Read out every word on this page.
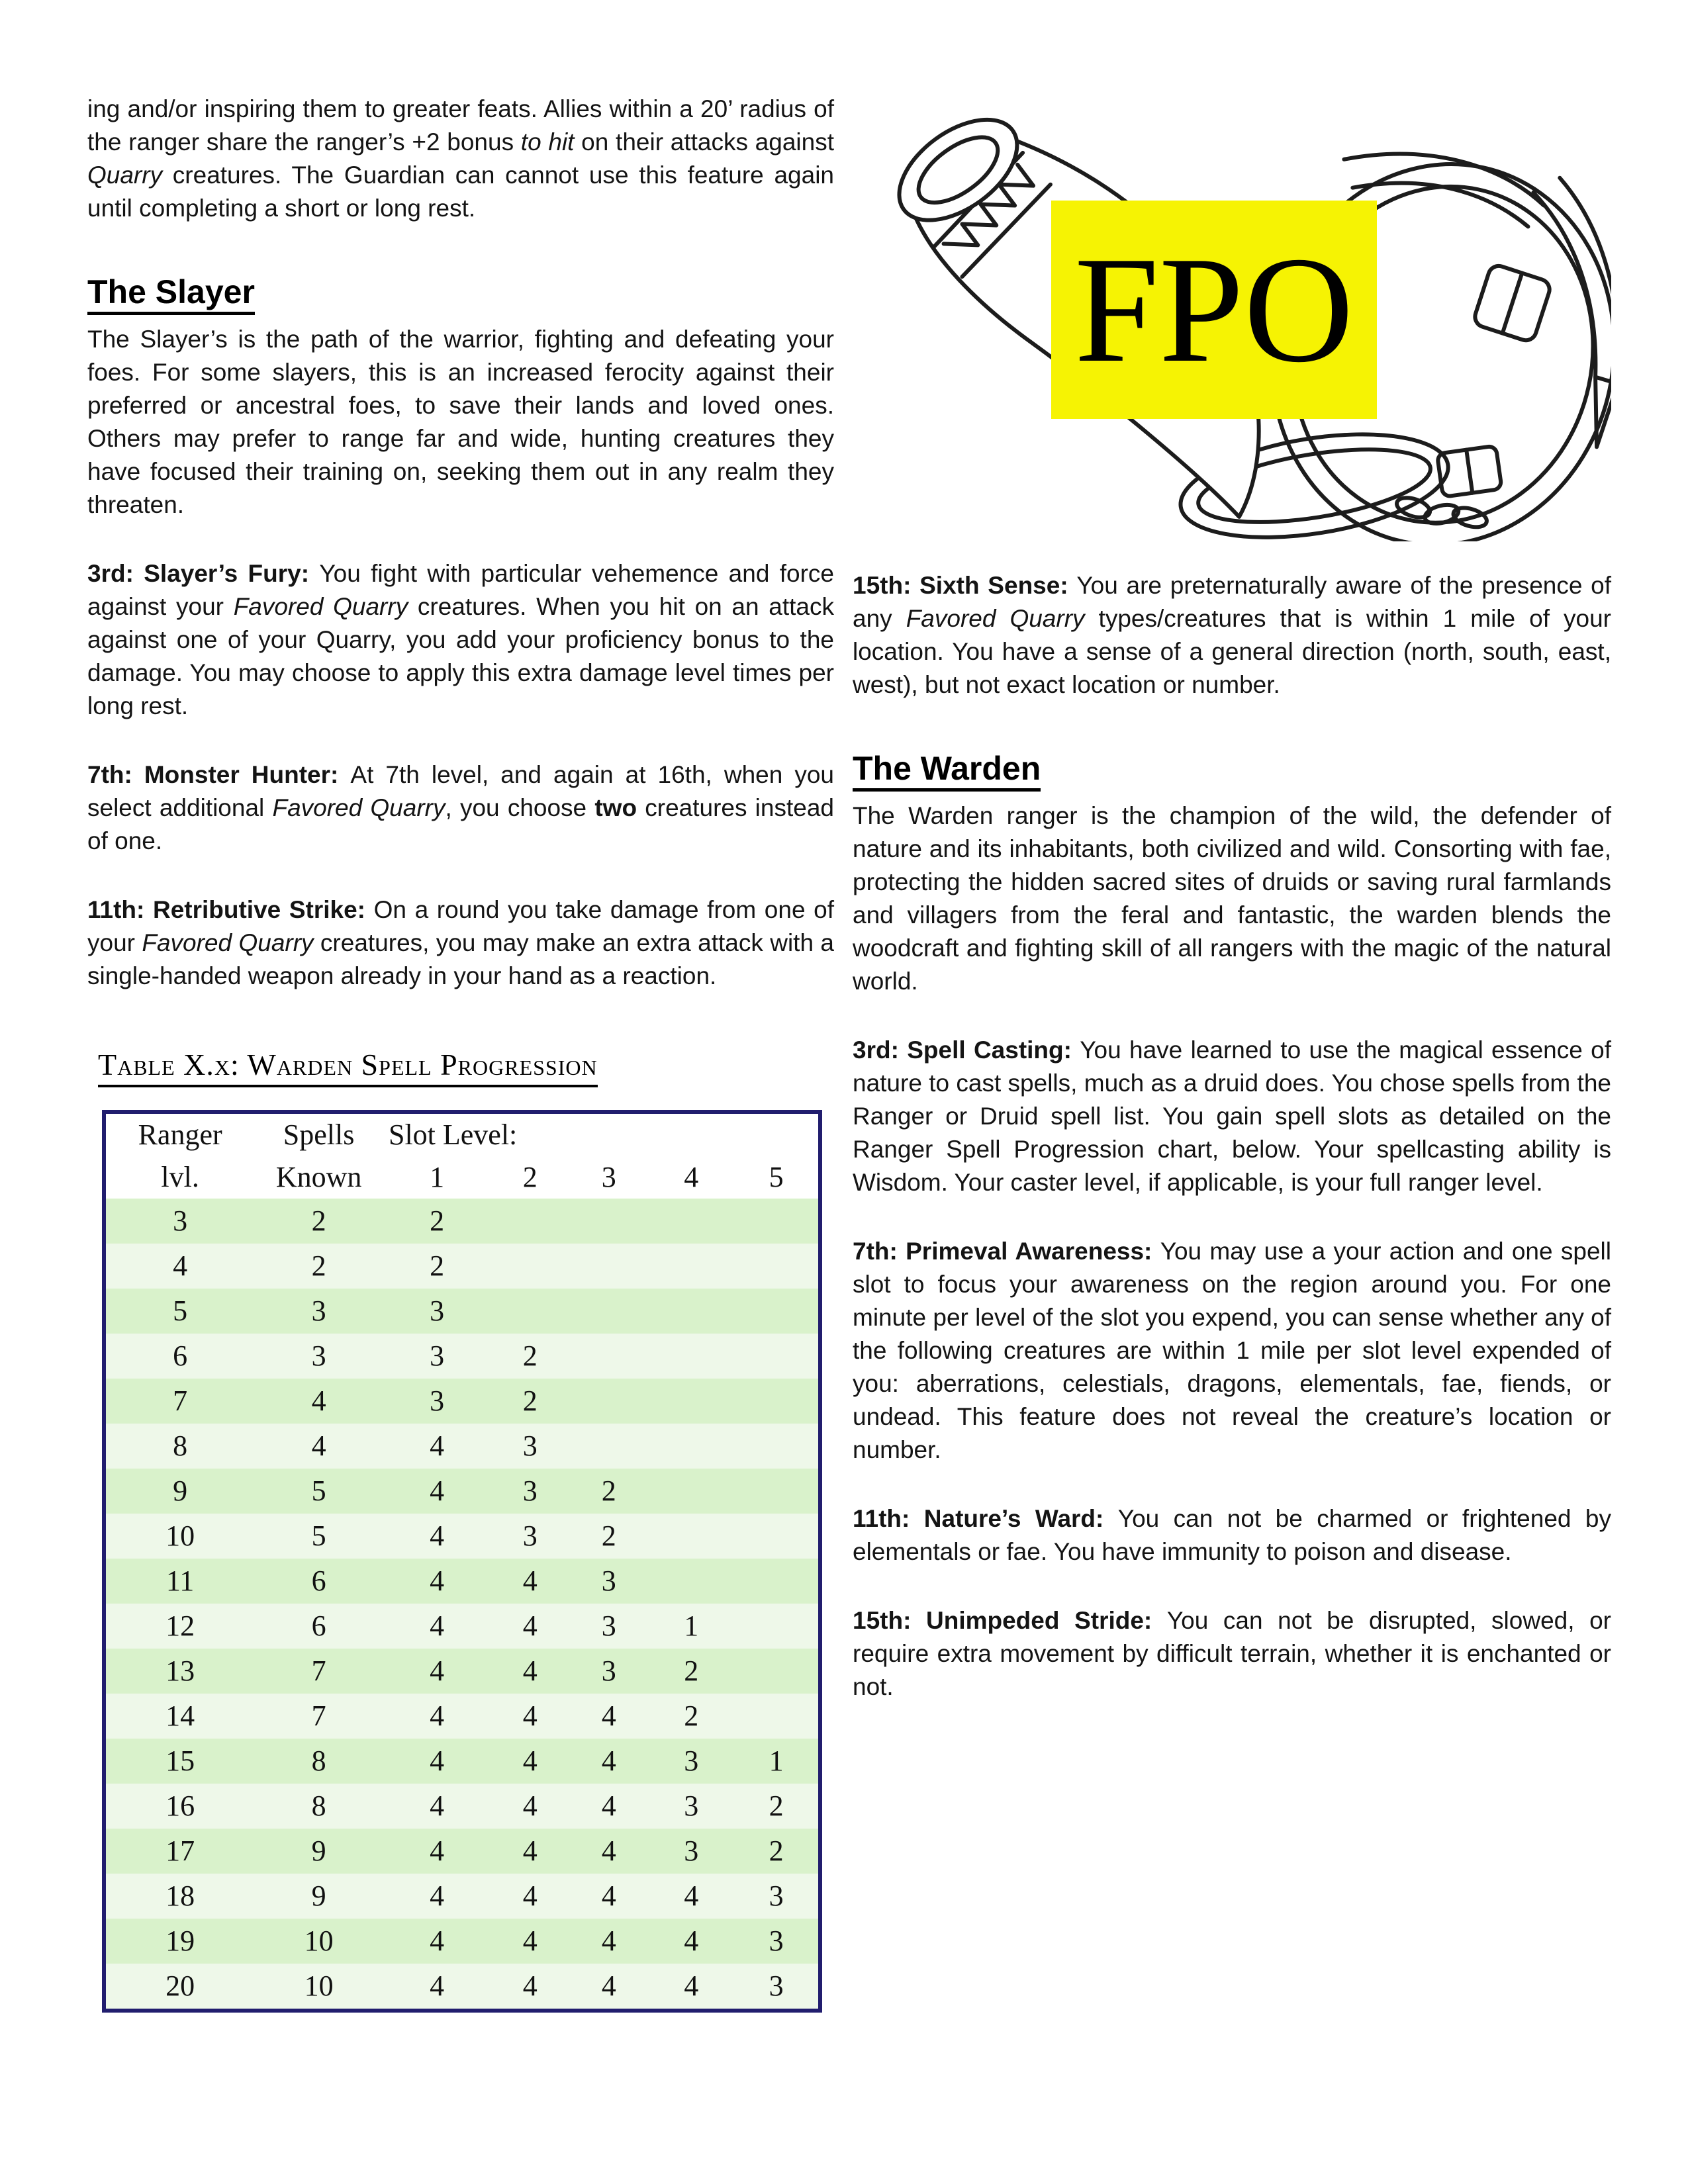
ing and/or inspiring them to greater feats. Allies within a 20’ radius of the ranger share the ranger’s +2 bonus to hit on their attacks against Quarry creatures. The Guardian can cannot use this feature again until completing a short or long rest.

The Slayer

The Slayer’s is the path of the warrior, fighting and defeating your foes. For some slayers, this is an increased ferocity against their preferred or ancestral foes, to save their lands and loved ones. Others may prefer to range far and wide, hunting creatures they have focused their training on, seeking them out in any realm they threaten.

3rd: Slayer’s Fury: You fight with particular vehemence and force against your Favored Quarry creatures. When you hit on an attack against one of your Quarry, you add your proficiency bonus to the damage. You may choose to apply this extra damage level times per long rest.

7th: Monster Hunter: At 7th level, and again at 16th, when you select additional Favored Quarry, you choose two creatures instead of one.

11th: Retributive Strike: On a round you take damage from one of your Favored Quarry creatures, you may make an extra attack with a single-handed weapon already in your hand as a reaction.

Table X.x: Warden Spell Progression
Ranger	Spells	Slot Level:				
lvl.	Known	1	2	3	4	5
3	2	2				
4	2	2				
5	3	3				
6	3	3	2			
7	4	3	2			
8	4	4	3			
9	5	4	3	2		
10	5	4	3	2		
11	6	4	4	3		
12	6	4	4	3	1	
13	7	4	4	3	2	
14	7	4	4	4	2	
15	8	4	4	4	3	1
16	8	4	4	4	3	2
17	9	4	4	4	3	2
18	9	4	4	4	4	3
19	10	4	4	4	4	3
20	10	4	4	4	4	3
FPO

15th: Sixth Sense: You are preternaturally aware of the presence of any Favored Quarry types/creatures that is within 1 mile of your location. You have a sense of a general direction (north, south, east, west), but not exact location or number.

The Warden

The Warden ranger is the champion of the wild, the defender of nature and its inhabitants, both civilized and wild. Consorting with fae, protecting the hidden sacred sites of druids or saving rural farmlands and villagers from the feral and fantastic, the warden blends the woodcraft and fighting skill of all rangers with the magic of the natural world.

3rd: Spell Casting: You have learned to use the magical essence of nature to cast spells, much as a druid does. You chose spells from the Ranger or Druid spell list. You gain spell slots as detailed on the Ranger Spell Progression chart, below. Your spellcasting ability is Wisdom. Your caster level, if applicable, is your full ranger level.

7th: Primeval Awareness: You may use a your action and one spell slot to focus your awareness on the region around you. For one minute per level of the slot you expend, you can sense whether any of the following creatures are within 1 mile per slot level expended of you: aberrations, celestials, dragons, elementals, fae, fiends, or undead. This feature does not reveal the creature’s location or number.

11th: Nature’s Ward: You can not be charmed or frightened by elementals or fae. You have immunity to poison and disease.

15th: Unimpeded Stride: You can not be disrupted, slowed, or require extra movement by difficult terrain, whether it is enchanted or not.
